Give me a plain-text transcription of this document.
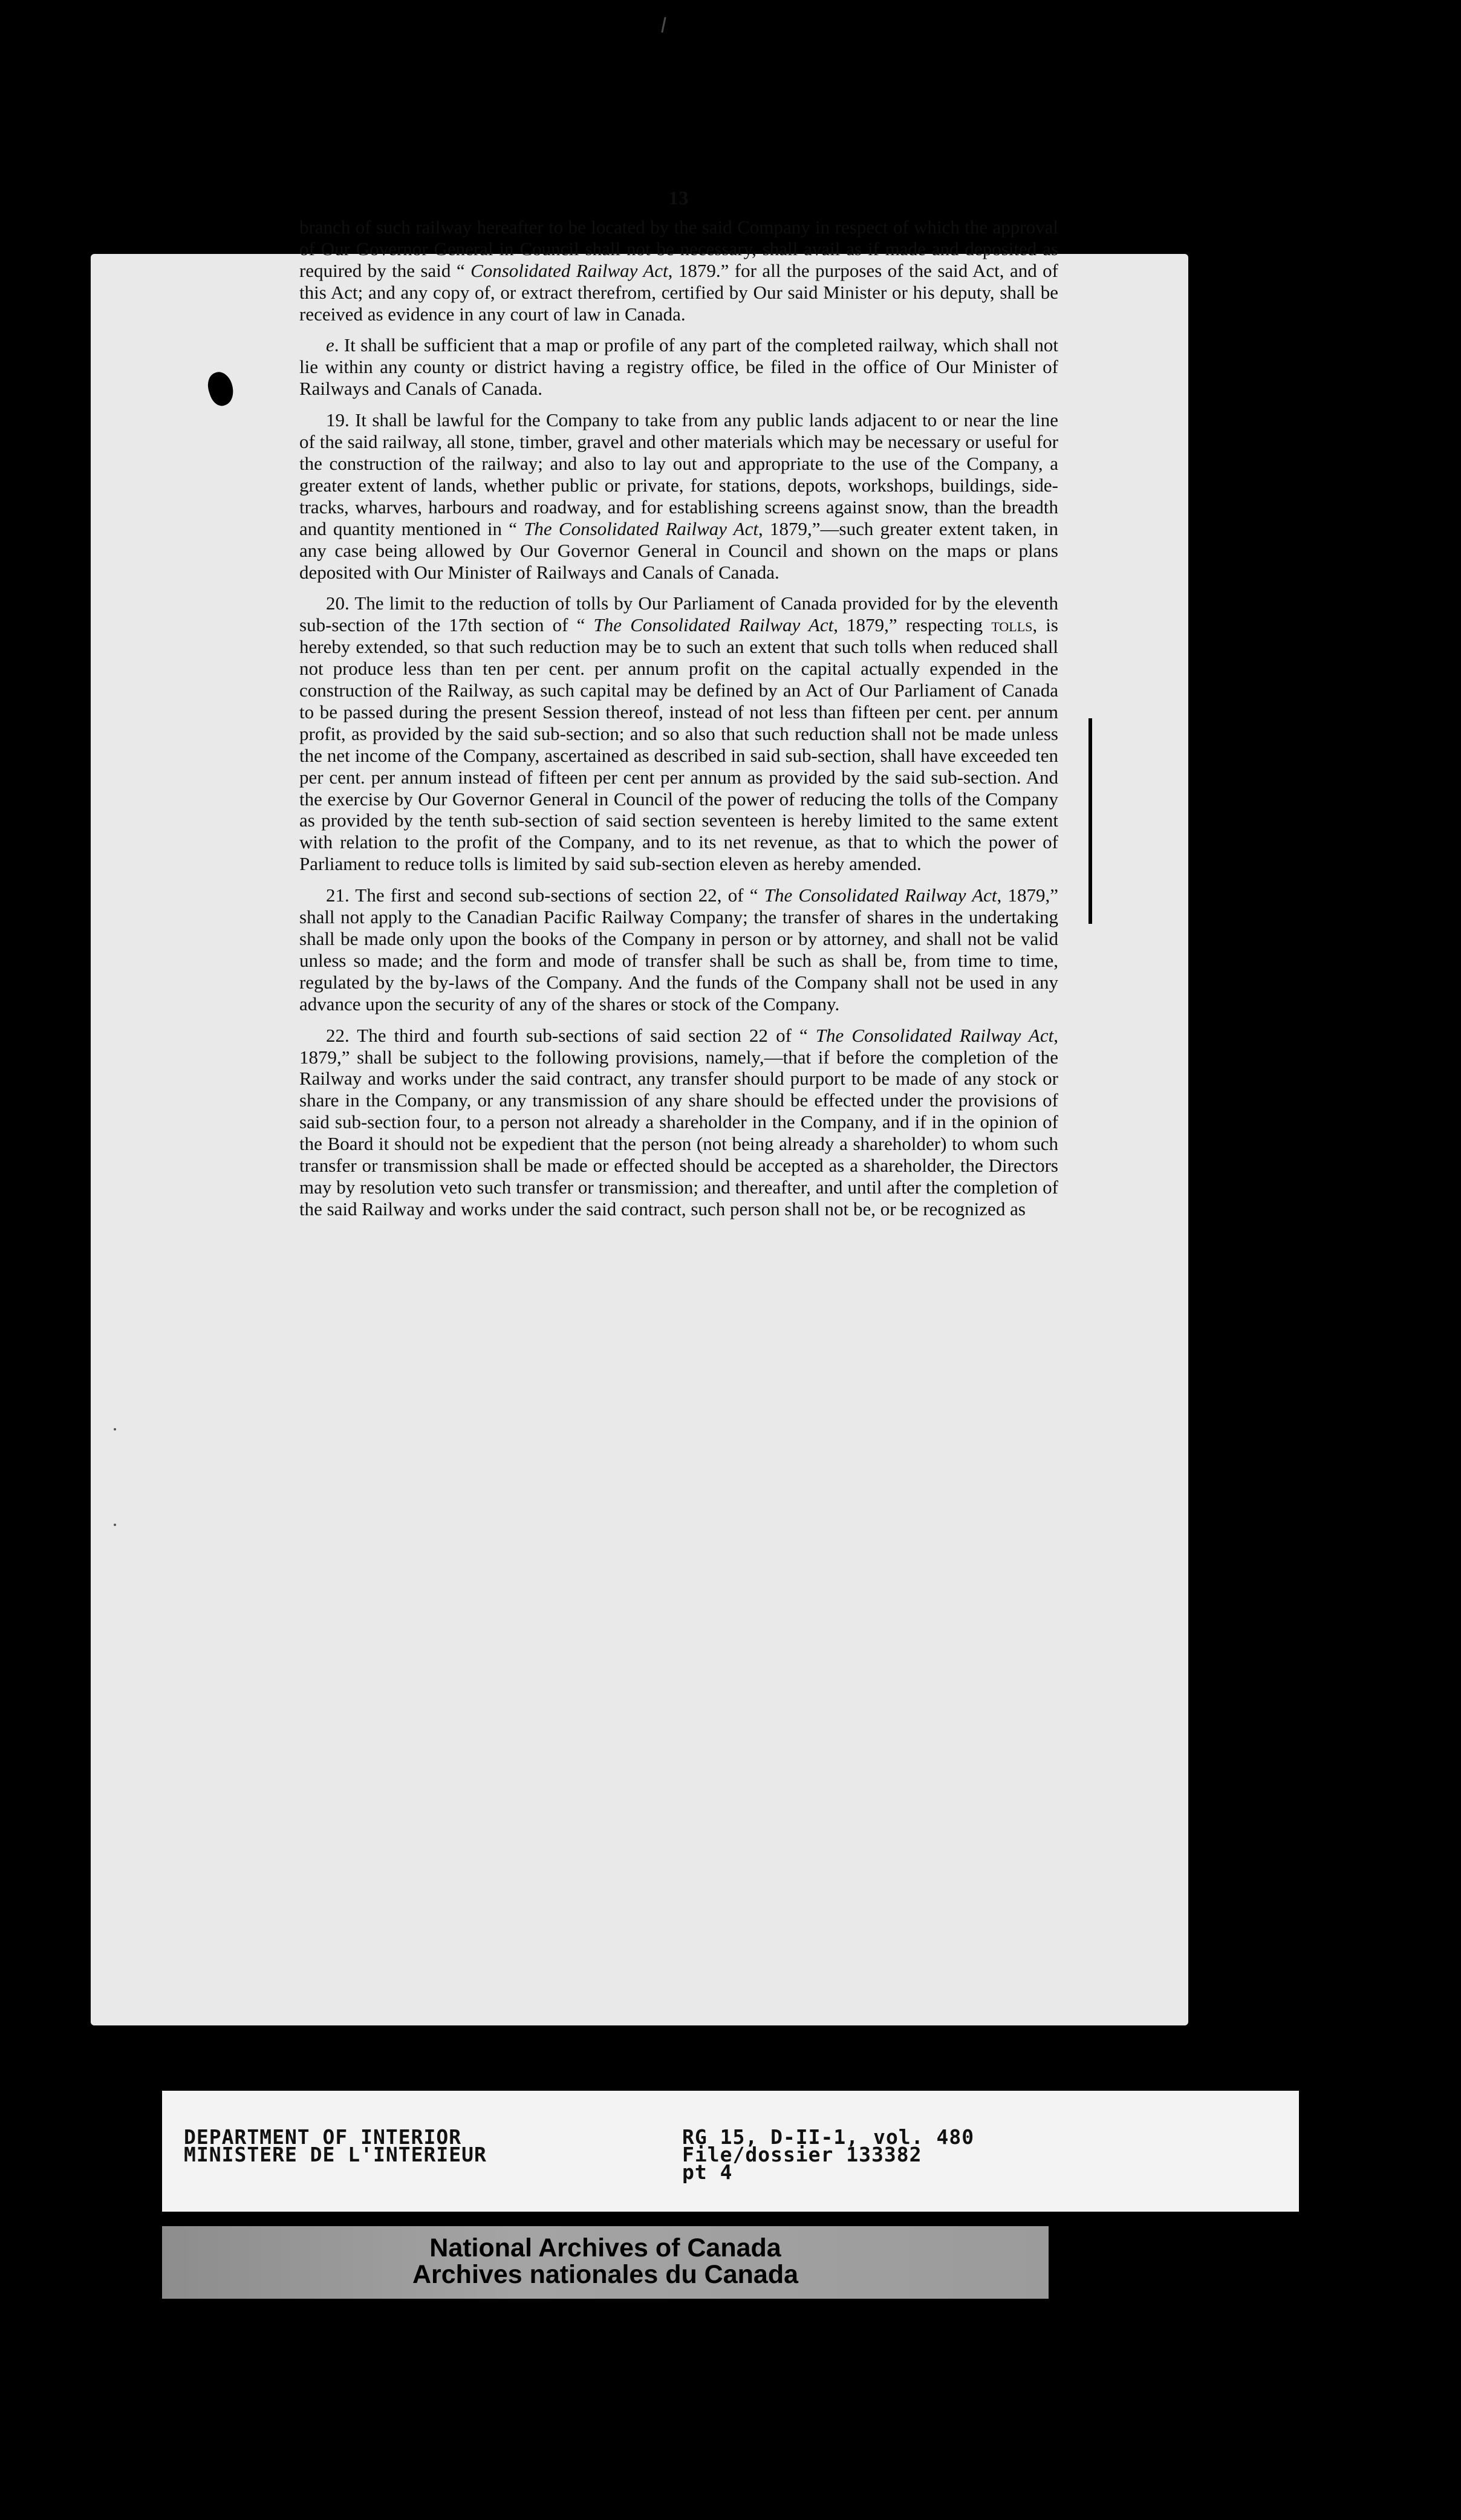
13

branch of such railway hereafter to be located by the said Company in respect of which the approval of Our Governor General in Council shall not be necessary, shall avail as if made and deposited as required by the said “ Consolidated Railway Act, 1879.” for all the purposes of the said Act, and of this Act; and any copy of, or extract therefrom, certified by Our said Minister or his deputy, shall be received as evidence in any court of law in Canada.

e. It shall be sufficient that a map or profile of any part of the completed railway, which shall not lie within any county or district having a registry office, be filed in the office of Our Minister of Railways and Canals of Canada.

19. It shall be lawful for the Company to take from any public lands adjacent to or near the line of the said railway, all stone, timber, gravel and other materials which may be necessary or useful for the construction of the railway; and also to lay out and appropriate to the use of the Company, a greater extent of lands, whether public or private, for stations, depots, workshops, buildings, side-tracks, wharves, harbours and roadway, and for establishing screens against snow, than the breadth and quantity mentioned in “ The Consolidated Railway Act, 1879,”—such greater extent taken, in any case being allowed by Our Governor General in Council and shown on the maps or plans deposited with Our Minister of Railways and Canals of Canada.

20. The limit to the reduction of tolls by Our Parliament of Canada provided for by the eleventh sub-section of the 17th section of “ The Consolidated Railway Act, 1879,” respecting tolls, is hereby extended, so that such reduction may be to such an extent that such tolls when reduced shall not produce less than ten per cent. per annum profit on the capital actually expended in the construction of the Railway, as such capital may be defined by an Act of Our Parliament of Canada to be passed during the present Session thereof, instead of not less than fifteen per cent. per annum profit, as provided by the said sub-section; and so also that such reduction shall not be made unless the net income of the Company, ascertained as described in said sub-section, shall have exceeded ten per cent. per annum instead of fifteen per cent per annum as provided by the said sub-section. And the exercise by Our Governor General in Council of the power of reducing the tolls of the Company as provided by the tenth sub-section of said section seventeen is hereby limited to the same extent with relation to the profit of the Company, and to its net revenue, as that to which the power of Parliament to reduce tolls is limited by said sub-section eleven as hereby amended.

21. The first and second sub-sections of section 22, of “ The Consolidated Railway Act, 1879,” shall not apply to the Canadian Pacific Railway Company; the transfer of shares in the undertaking shall be made only upon the books of the Company in person or by attorney, and shall not be valid unless so made; and the form and mode of transfer shall be such as shall be, from time to time, regulated by the by-laws of the Company. And the funds of the Company shall not be used in any advance upon the security of any of the shares or stock of the Company.

22. The third and fourth sub-sections of said section 22 of “ The Consolidated Railway Act, 1879,” shall be subject to the following provisions, namely,—that if before the completion of the Railway and works under the said contract, any transfer should purport to be made of any stock or share in the Company, or any transmission of any share should be effected under the provisions of said sub-section four, to a person not already a shareholder in the Company, and if in the opinion of the Board it should not be expedient that the person (not being already a shareholder) to whom such transfer or transmission shall be made or effected should be accepted as a shareholder, the Directors may by resolution veto such transfer or transmission; and thereafter, and until after the completion of the said Railway and works under the said contract, such person shall not be, or be recognized as

DEPARTMENT OF INTERIOR
MINISTERE DE L'INTERIEUR
RG 15, D-II-1, vol. 480
File/dossier 133382
pt 4
National Archives of Canada
Archives nationales du Canada
